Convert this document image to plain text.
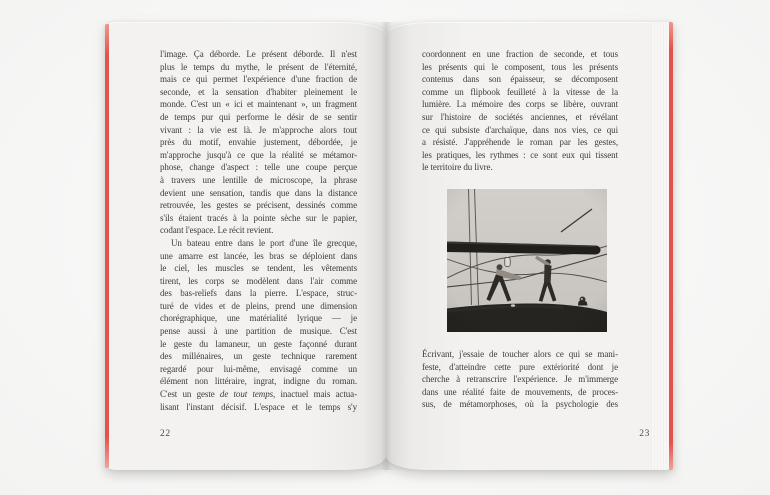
l'image. Ça déborde. Le présent déborde. Il n'est
plus le temps du mythe, le présent de l'éternité,
mais ce qui permet l'expérience d'une fraction de
seconde, et la sensation d'habiter pleinement le
monde. C'est un « ici et maintenant », un fragment
de temps pur qui performe le désir de se sentir
vivant : la vie est là. Je m'approche alors tout
près du motif, envahie justement, débordée, je
m'approche jusqu'à ce que la réalité se métamor-
phose, change d'aspect : telle une coupe perçue
à travers une lentille de microscope, la phrase
devient une sensation, tandis que dans la distance
retrouvée, les gestes se précisent, dessinés comme
s'ils étaient tracés à la pointe sèche sur le papier,
codant l'espace. Le récit revient.
Un bateau entre dans le port d'une île grecque,
une amarre est lancée, les bras se déploient dans
le ciel, les muscles se tendent, les vêtements
tirent, les corps se modèlent dans l'air comme
des bas-reliefs dans la pierre. L'espace, struc-
turé de vides et de pleins, prend une dimension
chorégraphique, une matérialité lyrique — je
pense aussi à une partition de musique. C'est
le geste du lamaneur, un geste façonné durant
des millénaires, un geste technique rarement
regardé pour lui-même, envisagé comme un
élément non littéraire, ingrat, indigne du roman.
C'est un geste de tout temps, inactuel mais actua-
lisant l'instant décisif. L'espace et le temps s'y
22
coordonnent en une fraction de seconde, et tous
les présents qui le composent, tous les présents
contenus dans son épaisseur, se décomposent
comme un flipbook feuilleté à la vitesse de la
lumière. La mémoire des corps se libère, ouvrant
sur l'histoire de sociétés anciennes, et révélant
ce qui subsiste d'archaïque, dans nos vies, ce qui
a résisté. J'appréhende le roman par les gestes,
les pratiques, les rythmes : ce sont eux qui tissent
le territoire du livre.
Écrivant, j'essaie de toucher alors ce qui se mani-
feste, d'atteindre cette pure extériorité dont je
cherche à retranscrire l'expérience. Je m'immerge
dans une réalité faite de mouvements, de proces-
sus, de métamorphoses, où la psychologie des
23
